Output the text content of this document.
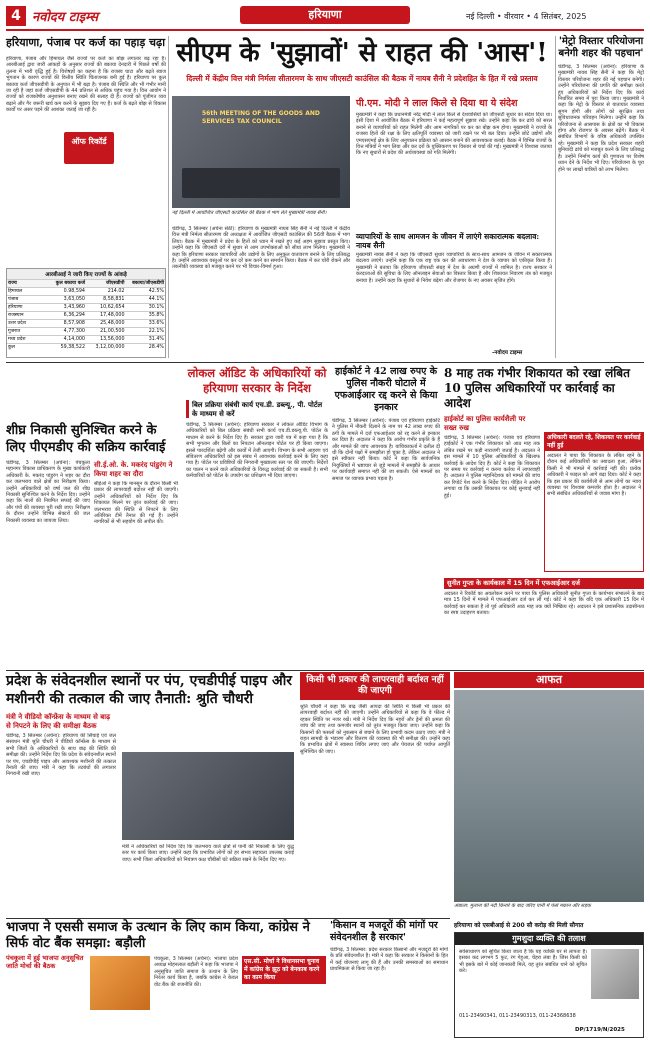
4 नवोदय टाइम्स	हरियाणा	नई दिल्ली • वीरवार • 4 सितंबर, 2025
हरियाणा, पंजाब पर कर्ज का पहाड़ चढ़ा
ऑफ रिकॉर्ड
हरियाणा, पंजाब और हिमाचल जैसे राज्यों पर कर्ज का बोझ लगातार बढ़ रहा है। आरबीआई द्वारा जारी आंकड़ों के अनुसार राज्यों की बकाया देनदारी में पिछले वर्षों की तुलना में भारी वृद्धि हुई है। विशेषज्ञों का कहना है कि राजस्व घाटा और बढ़ते ब्याज भुगतान के कारण राज्यों की वित्तीय स्थिति चिंताजनक बनी हुई है। हरियाणा पर कुल बकाया कर्ज जीएसडीपी के अनुपात में भी बढ़ा है। पंजाब की स्थिति और भी गंभीर मानी जा रही है जहां कर्ज जीएसडीपी के 44 प्रतिशत से अधिक पहुंच गया है। वित्त आयोग ने राज्यों को राजकोषीय अनुशासन बनाए रखने की सलाह दी है। राज्यों को पूंजीगत व्यय बढ़ाने और गैर जरूरी खर्च कम करने के सुझाव दिए गए हैं। कर्ज के बढ़ते बोझ से विकास कार्यों पर असर पड़ने की आशंका जताई जा रही है।
आरबीआई ने जारी किए राज्यों के आंकड़े
राज्य	कुल बकाया कर्ज	जीएसडीपी	बकाया/जीएसडीपी
हिमाचल	0.98,594	214.02	42.5%
पंजाब	3,63,050	8,58,831	44.1%
हरियाणा	3,43,960	10,62,654	30.1%
राजस्थान	6,36,294	17,48,000	35.8%
उत्तर प्रदेश	8,57,908	25,48,000	33.6%
गुजरात	4,77,300	21,00,500	22.1%
मध्य प्रदेश	4,14,000	13,56,000	31.4%
कुल	59,38,522	3,12,00,000	28.4%
सीएम के 'सुझावों' से राहत की 'आस'!
दिल्ली में केंद्रीय वित्त मंत्री निर्मला सीतारमण के साथ जीएसटी काउंसिल की बैठक में नायब सैनी ने प्रदेशहित के हित में रखे प्रस्ताव
56th MEETING OF THE GOODS AND SERVICES TAX COUNCIL
नई दिल्ली में आयोजित जीएसटी काउंसिल की बैठक में भाग लेते मुख्यमंत्री नायब सैनी।
पी.एम. मोदी ने लाल किले से दिया था ये संदेश
मुख्यमंत्री ने कहा कि प्रधानमंत्री नरेंद्र मोदी ने लाल किले से देशवासियों को जीएसटी सुधार का संदेश दिया था। इसी दिशा में आयोजित बैठक में हरियाणा ने कई महत्वपूर्ण सुझाव रखे। उन्होंने कहा कि कर ढांचे को सरल बनाने से व्यापारियों को राहत मिलेगी और आम नागरिकों पर कर का बोझ कम होगा। मुख्यमंत्री ने राज्यों के राजस्व हितों की रक्षा के लिए क्षतिपूर्ति व्यवस्था को जारी रखने पर भी बल दिया। उन्होंने छोटे उद्योगों और एमएसएमई क्षेत्र के लिए अनुपालन प्रक्रिया को आसान बनाने की आवश्यकता बताई। बैठक में विभिन्न राज्यों के वित्त मंत्रियों ने भाग लिया और कर दरों के युक्तिकरण पर विस्तार से चर्चा की गई। मुख्यमंत्री ने विश्वास जताया कि नए सुधारों से प्रदेश की अर्थव्यवस्था को गति मिलेगी।
चंडीगढ़, 3 सितम्बर (अर्चना सेठी): हरियाणा के मुख्यमंत्री नायब सिंह सैनी ने नई दिल्ली में केंद्रीय वित्त मंत्री निर्मला सीतारमण की अध्यक्षता में आयोजित जीएसटी काउंसिल की 56वीं बैठक में भाग लिया। बैठक में मुख्यमंत्री ने प्रदेश के हितों को ध्यान में रखते हुए कई अहम सुझाव प्रस्तुत किए। उन्होंने कहा कि जीएसटी दरों में सुधार से आम उपभोक्ताओं को सीधा लाभ मिलेगा। मुख्यमंत्री ने कहा कि हरियाणा सरकार व्यापारियों और उद्योगों के लिए अनुकूल वातावरण बनाने के लिए प्रतिबद्ध है। उन्होंने आवश्यक वस्तुओं पर कर दरें कम करने का समर्थन किया। बैठक में कर चोरी रोकने और तकनीकी व्यवस्था को मजबूत करने पर भी विचार-विमर्श हुआ।
व्यापारियों के साथ आमजन के जीवन में लाएंगे सकारात्मक बदलाव: नायब सैनी
मुख्यमंत्री नायब सैनी ने कहा कि जीएसटी सुधार व्यापारियों के साथ-साथ आमजन के जीवन में सकारात्मक बदलाव लाएंगे। उन्होंने कहा कि एक राष्ट्र एक कर की अवधारणा ने देश के व्यापार को एकीकृत किया है। मुख्यमंत्री ने बताया कि हरियाणा जीएसटी संग्रह में देश के अग्रणी राज्यों में शामिल है। राज्य सरकार ने करदाताओं की सुविधा के लिए ऑनलाइन सेवाओं का विस्तार किया है और शिकायत निवारण तंत्र को मजबूत बनाया है। उन्होंने कहा कि सुधारों से निवेश बढ़ेगा और रोजगार के नए अवसर सृजित होंगे।
-नवोदय टाइम्स
'मेट्रो विस्तार परियोजना बनेगी शहर की पहचान'
चंडीगढ़, 3 सितम्बर (अर्चना): हरियाणा के मुख्यमंत्री नायब सिंह सैनी ने कहा कि मेट्रो विस्तार परियोजना शहर की नई पहचान बनेगी। उन्होंने परियोजना की प्रगति की समीक्षा करते हुए अधिकारियों को निर्देश दिए कि कार्य निर्धारित समय में पूरा किया जाए। मुख्यमंत्री ने कहा कि मेट्रो के विस्तार से यातायात व्यवस्था सुगम होगी और लोगों को सुरक्षित तथा सुविधाजनक परिवहन मिलेगा। उन्होंने कहा कि परियोजना से आसपास के क्षेत्रों का भी विकास होगा और रोजगार के अवसर बढ़ेंगे। बैठक में संबंधित विभागों के वरिष्ठ अधिकारी उपस्थित रहे। मुख्यमंत्री ने कहा कि प्रदेश सरकार शहरी बुनियादी ढांचे को मजबूत करने के लिए प्रतिबद्ध है। उन्होंने निर्माण कार्य की गुणवत्ता पर विशेष ध्यान देने के निर्देश भी दिए। परियोजना के पूरा होने पर लाखों यात्रियों को लाभ मिलेगा।
शीघ्र निकासी सुनिश्चित करने के लिए पीएमडीए की सक्रिय कार्रवाई
चंडीगढ़, 3 सितम्बर (अर्चना): पंचकूला महानगर विकास प्राधिकरण के मुख्य कार्यकारी अधिकारी के. मकरंद पांडुरंग ने शहर का दौरा कर जलभराव वाले क्षेत्रों का निरीक्षण किया। उन्होंने अधिकारियों को वर्षा जल की शीघ्र निकासी सुनिश्चित करने के निर्देश दिए। उन्होंने कहा कि नालों की नियमित सफाई की जाए और पंपों की व्यवस्था पूरी रखी जाए। निरीक्षण के दौरान उन्होंने विभिन्न सेक्टरों की जल निकासी व्यवस्था का जायजा लिया।
सी.ई.ओ. के. मकरंद पांडुरंग ने किया शहर का दौरा
सीईओ ने कहा कि मानसून के दौरान किसी भी प्रकार की लापरवाही बर्दाश्त नहीं की जाएगी। उन्होंने अधिकारियों को निर्देश दिए कि शिकायत मिलने पर तुरंत कार्रवाई की जाए। जलभराव की स्थिति से निपटने के लिए अतिरिक्त टीमें तैनात की गई हैं। उन्होंने नागरिकों से भी सहयोग की अपील की।
लोकल ऑडिट के अधिकारियों को हरियाणा सरकार के निर्देश
बिल प्रक्रिया संबंधी कार्य एच.डी. डब्ल्यू., पी. पोर्टल के माध्यम से करें
चंडीगढ़, 3 सितम्बर (अर्चना): हरियाणा सरकार ने लोकल ऑडिट विभाग के अधिकारियों को बिल प्रक्रिया संबंधी सभी कार्य एच.डी.डब्ल्यू.पी. पोर्टल के माध्यम से करने के निर्देश दिए हैं। सरकार द्वारा जारी पत्र में कहा गया है कि सभी भुगतान और बिलों का निपटान ऑनलाइन पोर्टल पर ही किया जाएगा। इससे पारदर्शिता बढ़ेगी और कार्यों में तेजी आएगी। विभाग के सभी आहरण एवं संवितरण अधिकारियों को इस संबंध में आवश्यक कार्रवाई करने के लिए कहा गया है। पोर्टल पर प्रविष्टियों की निगरानी मुख्यालय स्तर पर की जाएगी। निर्देशों का पालन न करने वाले अधिकारियों के विरुद्ध कार्रवाई की जा सकती है। सभी कर्मचारियों को पोर्टल के उपयोग का प्रशिक्षण भी दिया जाएगा।
हाईकोर्ट ने 42 लाख रुपए के पुलिस नौकरी घोटाले में एफआईआर रद्द करने से किया इनकार
चंडीगढ़, 3 सितम्बर (अर्चना): पंजाब एवं हरियाणा हाईकोर्ट ने पुलिस में नौकरी दिलाने के नाम पर 42 लाख रुपए की ठगी के मामले में दर्ज एफआईआर को रद्द करने से इनकार कर दिया है। अदालत ने कहा कि आरोप गंभीर प्रकृति के हैं और मामले की जांच आवश्यक है। याचिकाकर्ता ने दलील दी थी कि दोनों पक्षों में समझौता हो चुका है, लेकिन अदालत ने इसे स्वीकार नहीं किया। कोर्ट ने कहा कि सार्वजनिक नियुक्तियों में भ्रष्टाचार से जुड़े मामलों में समझौते के आधार पर कार्यवाही समाप्त नहीं की जा सकती। ऐसे मामलों का समाज पर व्यापक प्रभाव पड़ता है।
8 माह तक गंभीर शिकायत को रखा लंबित 10 पुलिस अधिकारियों पर कार्रवाई का आदेश
हाईकोर्ट का पुलिस कार्यशैली पर सख्त रुख
चंडीगढ़, 3 सितम्बर (अर्चना): पंजाब एवं हरियाणा हाईकोर्ट ने एक गंभीर शिकायत को आठ माह तक लंबित रखने पर कड़ी नाराजगी जताई है। अदालत ने इस मामले में 10 पुलिस अधिकारियों के खिलाफ कार्रवाई के आदेश दिए हैं। कोर्ट ने कहा कि शिकायत पर समय पर कार्रवाई न करना कर्तव्य में लापरवाही है। अदालत ने पुलिस महानिदेशक को मामले की जांच कर रिपोर्ट पेश करने के निर्देश दिए। पीड़ित ने आरोप लगाया था कि उसकी शिकायत पर कोई सुनवाई नहीं हुई।
अधिकारी बदलते रहे, शिकायत पर कार्रवाई नहीं हुई
अदालत ने पाया कि शिकायत के लंबित रहने के दौरान कई अधिकारियों का तबादला हुआ, लेकिन किसी ने भी मामले में कार्रवाई नहीं की। प्रत्येक अधिकारी ने फाइल को आगे बढ़ा दिया। कोर्ट ने कहा कि इस प्रकार की कार्यशैली से आम लोगों का न्याय व्यवस्था पर विश्वास कमजोर होता है। अदालत ने सभी संबंधित अधिकारियों से जवाब मांगा है।
सुनीत गुप्ता के कार्यकाल में 15 दिन में एफआईआर दर्ज
अदालत ने रिकॉर्ड का अवलोकन करने पर पाया कि पुलिस अधिकारी सुनीत गुप्ता के कार्यभार संभालने के बाद मात्र 15 दिनों में मामले में एफआईआर दर्ज कर ली गई। कोर्ट ने कहा कि यदि एक अधिकारी 15 दिन में कार्रवाई कर सकता है तो पूर्व अधिकारी आठ माह तक क्यों निष्क्रिय रहे। अदालत ने इसे प्रशासनिक उदासीनता का स्पष्ट उदाहरण बताया।
प्रदेश के संवेदनशील स्थानों पर पंप, एचडीपीई पाइप और मशीनरी की तत्काल की जाए तैनाती: श्रुति चौधरी
मंत्री ने वीडियो कॉन्फ्रेंस के माध्यम से बाढ़ से निपटने के लिए की समीक्षा बैठक
चंडीगढ़, 3 सितम्बर (अर्चना): हरियाणा की सिंचाई एवं जल संसाधन मंत्री श्रुति चौधरी ने वीडियो कॉन्फ्रेंस के माध्यम से सभी जिलों के अधिकारियों के साथ बाढ़ की स्थिति की समीक्षा की। उन्होंने निर्देश दिए कि प्रदेश के संवेदनशील स्थानों पर पंप, एचडीपीई पाइप और आवश्यक मशीनरी की तत्काल तैनाती की जाए। मंत्री ने कहा कि तटबंधों की लगातार निगरानी रखी जाए।
मंत्री ने अधिकारियों को निर्देश दिए कि जलभराव वाले क्षेत्रों से पानी की निकासी के लिए युद्ध स्तर पर कार्य किया जाए। उन्होंने कहा कि प्रभावित लोगों को हर संभव सहायता उपलब्ध कराई जाए। सभी जिला अधिकारियों को नियंत्रण कक्ष चौबीसों घंटे सक्रिय रखने के निर्देश दिए गए।
किसी भी प्रकार की लापरवाही बर्दाश्त नहीं की जाएगी
श्रुति चौधरी ने कहा कि बाढ़ जैसी आपदा की स्थिति में किसी भी प्रकार की लापरवाही बर्दाश्त नहीं की जाएगी। उन्होंने अधिकारियों से कहा कि वे फील्ड में रहकर स्थिति पर नजर रखें। मंत्री ने निर्देश दिए कि नहरों और ड्रेनों की क्षमता की जांच की जाए तथा कमजोर स्थानों को तुरंत मजबूत किया जाए। उन्होंने कहा कि किसानों की फसलों को नुकसान से बचाने के लिए प्रभावी कदम उठाए जाएं। मंत्री ने राहत सामग्री के भंडारण और वितरण की व्यवस्था की भी समीक्षा की। उन्होंने कहा कि प्रभावित क्षेत्रों में स्वास्थ्य शिविर लगाए जाएं और पेयजल की पर्याप्त आपूर्ति सुनिश्चित की जाए।
आफत
अंबाला: मुलाना की नदी किनारे के बाद जरिए पानी में फंसे मकान और सड़क
हरियाणा को एसबीआई से 200 सौ करोड़ की मिली सौगात
भाजपा ने एससी समाज के उत्थान के लिए काम किया, कांग्रेस ने सिर्फ वोट बैंक समझा: बड़ौली
पंचकूला में हुई भाजपा अनुसूचित जाति मोर्चा की बैठक
पंचकूला, 3 सितम्बर (अर्चना): भाजपा प्रदेश अध्यक्ष मोहनलाल बड़ौली ने कहा कि भाजपा ने अनुसूचित जाति समाज के उत्थान के लिए निरंतर कार्य किया है, जबकि कांग्रेस ने केवल वोट बैंक की राजनीति की।
एस.सी. मोर्चा ने विधानसभा चुनाव में कांग्रेस के झूठ को बेनकाब करने का काम किया
'किसान व मजदूरों की मांगों पर संवेदनशील है सरकार'
चंडीगढ़, 3 सितम्बर: प्रदेश सरकार किसानों और मजदूरों की मांगों के प्रति संवेदनशील है। मंत्री ने कहा कि सरकार ने किसानों के हित में कई योजनाएं लागू की हैं और उनकी समस्याओं का समाधान प्राथमिकता से किया जा रहा है।
गुमशुदा व्यक्ति की तलाश
सर्वसाधारण को सूचित किया जाता है कि यह व्यक्ति घर से लापता है। इसका कद लगभग 5 फुट, रंग गेहुआ, चेहरा लंबा है। जिस किसी को भी इसके बारे में कोई जानकारी मिले, वह तुरंत संबंधित थाने को सूचित करे।
011-23490341, 011-23490313, 011-24368638
DP/1719/N/2025
